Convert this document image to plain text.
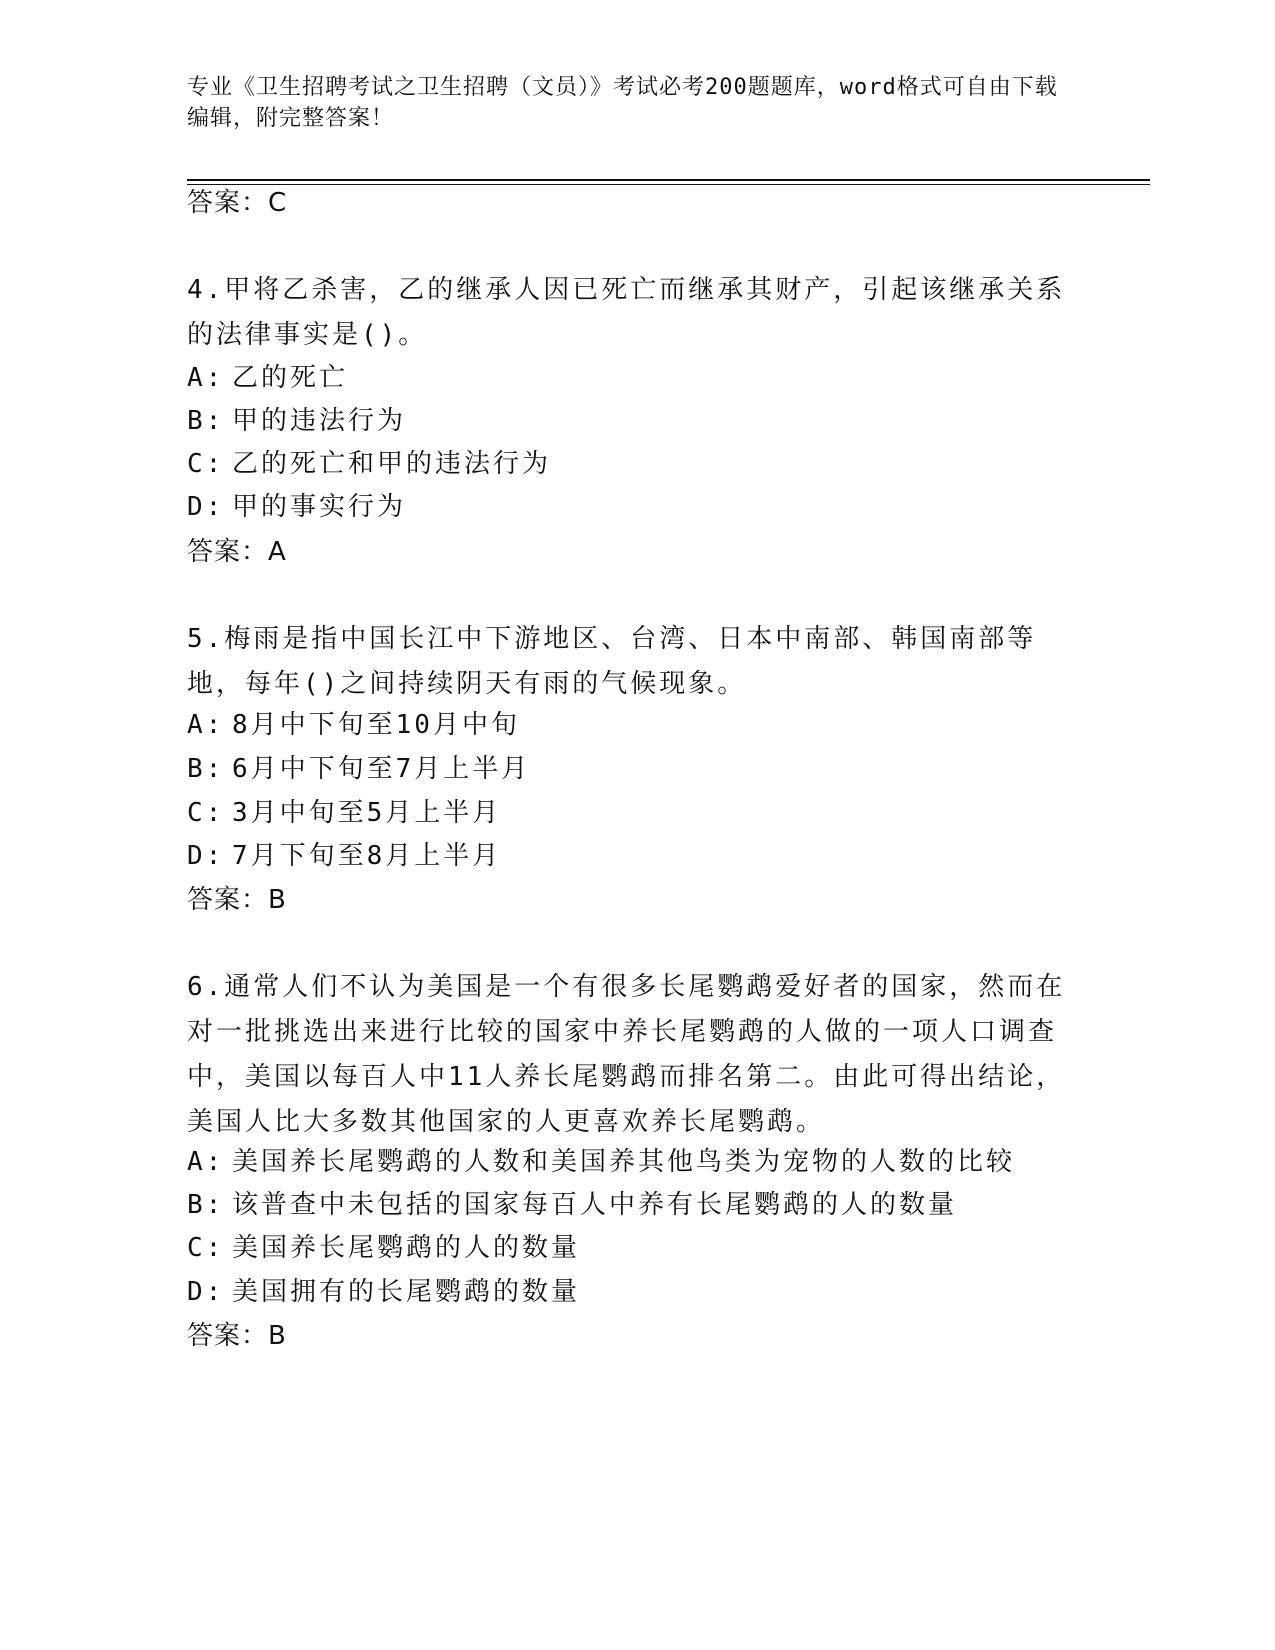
专业《卫生招聘考试之卫生招聘（文员）》考试必考200题题库，word格式可自由下载编辑，附完整答案！
答案：C
4.甲将乙杀害，乙的继承人因已死亡而继承其财产，引起该继承关系的法律事实是()。
A: 乙的死亡
B: 甲的违法行为
C: 乙的死亡和甲的违法行为
D: 甲的事实行为
答案：A
5.梅雨是指中国长江中下游地区、台湾、日本中南部、韩国南部等地，每年()之间持续阴天有雨的气候现象。
A: 8月中下旬至10月中旬
B: 6月中下旬至7月上半月
C: 3月中旬至5月上半月
D: 7月下旬至8月上半月
答案：B
6.通常人们不认为美国是一个有很多长尾鹦鹉爱好者的国家，然而在对一批挑选出来进行比较的国家中养长尾鹦鹉的人做的一项人口调查中，美国以每百人中11人养长尾鹦鹉而排名第二。由此可得出结论，美国人比大多数其他国家的人更喜欢养长尾鹦鹉。
A: 美国养长尾鹦鹉的人数和美国养其他鸟类为宠物的人数的比较
B: 该普查中未包括的国家每百人中养有长尾鹦鹉的人的数量
C: 美国养长尾鹦鹉的人的数量
D: 美国拥有的长尾鹦鹉的数量
答案：B
